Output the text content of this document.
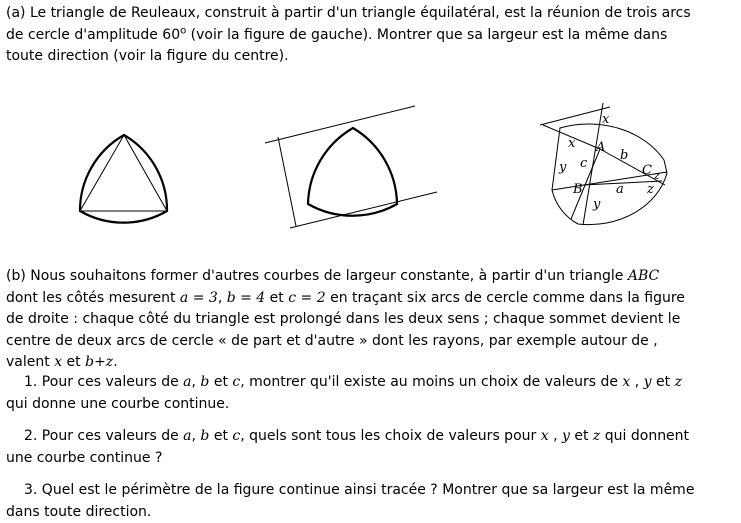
(a) Le triangle de Reuleaux, construit à partir d'un triangle équilatéral, est la réunion de trois arcs
de cercle d'amplitude 60$^o$ (voir la figure de gauche). Montrer que sa largeur est la même dans
toute direction (voir la figure du centre).
x
A
x
b
y c	C z
B	a z
y
(b) Nous souhaitons former d'autres courbes de largeur constante, à partir d'un triangle ABC
dont les côtés mesurent a = 3, b = 4 et c = 2 en traçant six arcs de cercle comme dans la figure
de droite : chaque côté du triangle est prolongé dans les deux sens ; chaque sommet devient le
centre de deux arcs de cercle « de part et d'autre » dont les rayons, par exemple autour de ,
valent x et b+z.
1. Pour ces valeurs de a, b et c, montrer qu'il existe au moins un choix de valeurs de x , y et z
qui donne une courbe continue.
2. Pour ces valeurs de a, b et c, quels sont tous les choix de valeurs pour x , y et z qui donnent
une courbe continue ?
3. Quel est le périmètre de la figure continue ainsi tracée ? Montrer que sa largeur est la même
dans toute direction.
